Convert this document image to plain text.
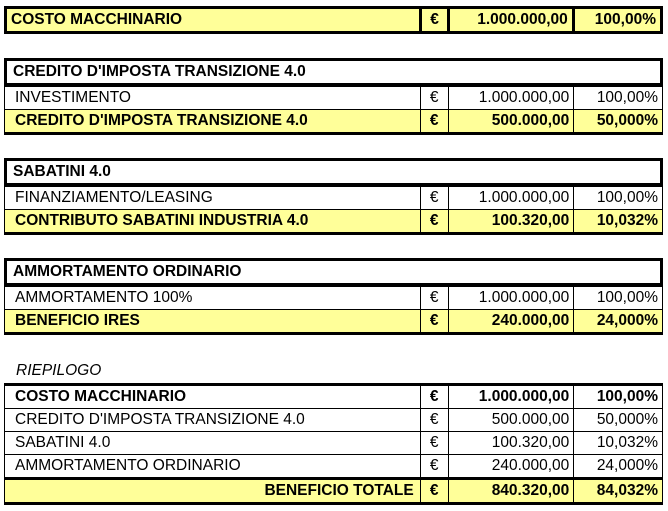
COSTO MACCHINARIO	€	1.000.000,00	100,00%
CREDITO D'IMPOSTA TRANSIZIONE 4.0
INVESTIMENTO	€	1.000.000,00	100,00%
CREDITO D'IMPOSTA TRANSIZIONE 4.0	€	500.000,00	50,000%
SABATINI 4.0
FINANZIAMENTO/LEASING	€	1.000.000,00	100,00%
CONTRIBUTO SABATINI INDUSTRIA 4.0	€	100.320,00	10,032%
AMMORTAMENTO ORDINARIO
AMMORTAMENTO 100%	€	1.000.000,00	100,00%
BENEFICIO IRES	€	240.000,00	24,000%
RIEPILOGO
COSTO MACCHINARIO	€	1.000.000,00	100,00%
CREDITO D'IMPOSTA TRANSIZIONE 4.0	€	500.000,00	50,000%
SABATINI 4.0	€	100.320,00	10,032%
AMMORTAMENTO ORDINARIO	€	240.000,00	24,000%
BENEFICIO TOTALE	€	840.320,00	84,032%
